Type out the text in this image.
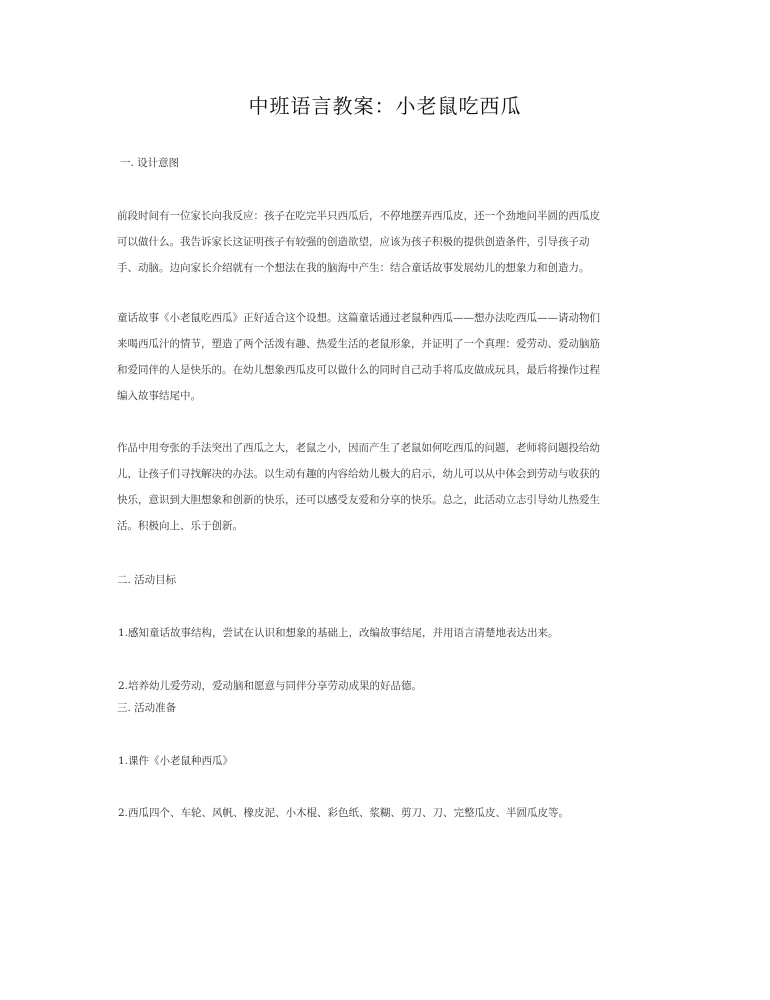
中班语言教案：小老鼠吃西瓜
一. 设计意图
前段时间有一位家长向我反应：孩子在吃完半只西瓜后，不停地摆弄西瓜皮，还一个劲地问半圆的西瓜皮
可以做什么。我告诉家长这证明孩子有较强的创造欲望，应该为孩子积极的提供创造条件，引导孩子动
手、动脑。边向家长介绍就有一个想法在我的脑海中产生：结合童话故事发展幼儿的想象力和创造力。
童话故事《小老鼠吃西瓜》正好适合这个设想。这篇童话通过老鼠种西瓜——想办法吃西瓜——请动物们
来喝西瓜汁的情节，塑造了两个活泼有趣、热爱生活的老鼠形象，并证明了一个真理：爱劳动、爱动脑筋
和爱同伴的人是快乐的。在幼儿想象西瓜皮可以做什么的同时自己动手将瓜皮做成玩具，最后将操作过程
编入故事结尾中。
作品中用夸张的手法突出了西瓜之大，老鼠之小，因而产生了老鼠如何吃西瓜的问题，老师将问题投给幼
儿，让孩子们寻找解决的办法。以生动有趣的内容给幼儿极大的启示，幼儿可以从中体会到劳动与收获的
快乐，意识到大胆想象和创新的快乐，还可以感受友爱和分享的快乐。总之，此活动立志引导幼儿热爱生
活。积极向上、乐于创新。
二. 活动目标
1.感知童话故事结构，尝试在认识和想象的基础上，改编故事结尾，并用语言清楚地表达出来。
2.培养幼儿爱劳动，爱动脑和愿意与同伴分享劳动成果的好品德。
三. 活动准备
1.课件《小老鼠种西瓜》
2.西瓜四个、车轮、风帆、橡皮泥、小木棍、彩色纸、浆糊、剪刀、刀、完整瓜皮、半圆瓜皮等。
